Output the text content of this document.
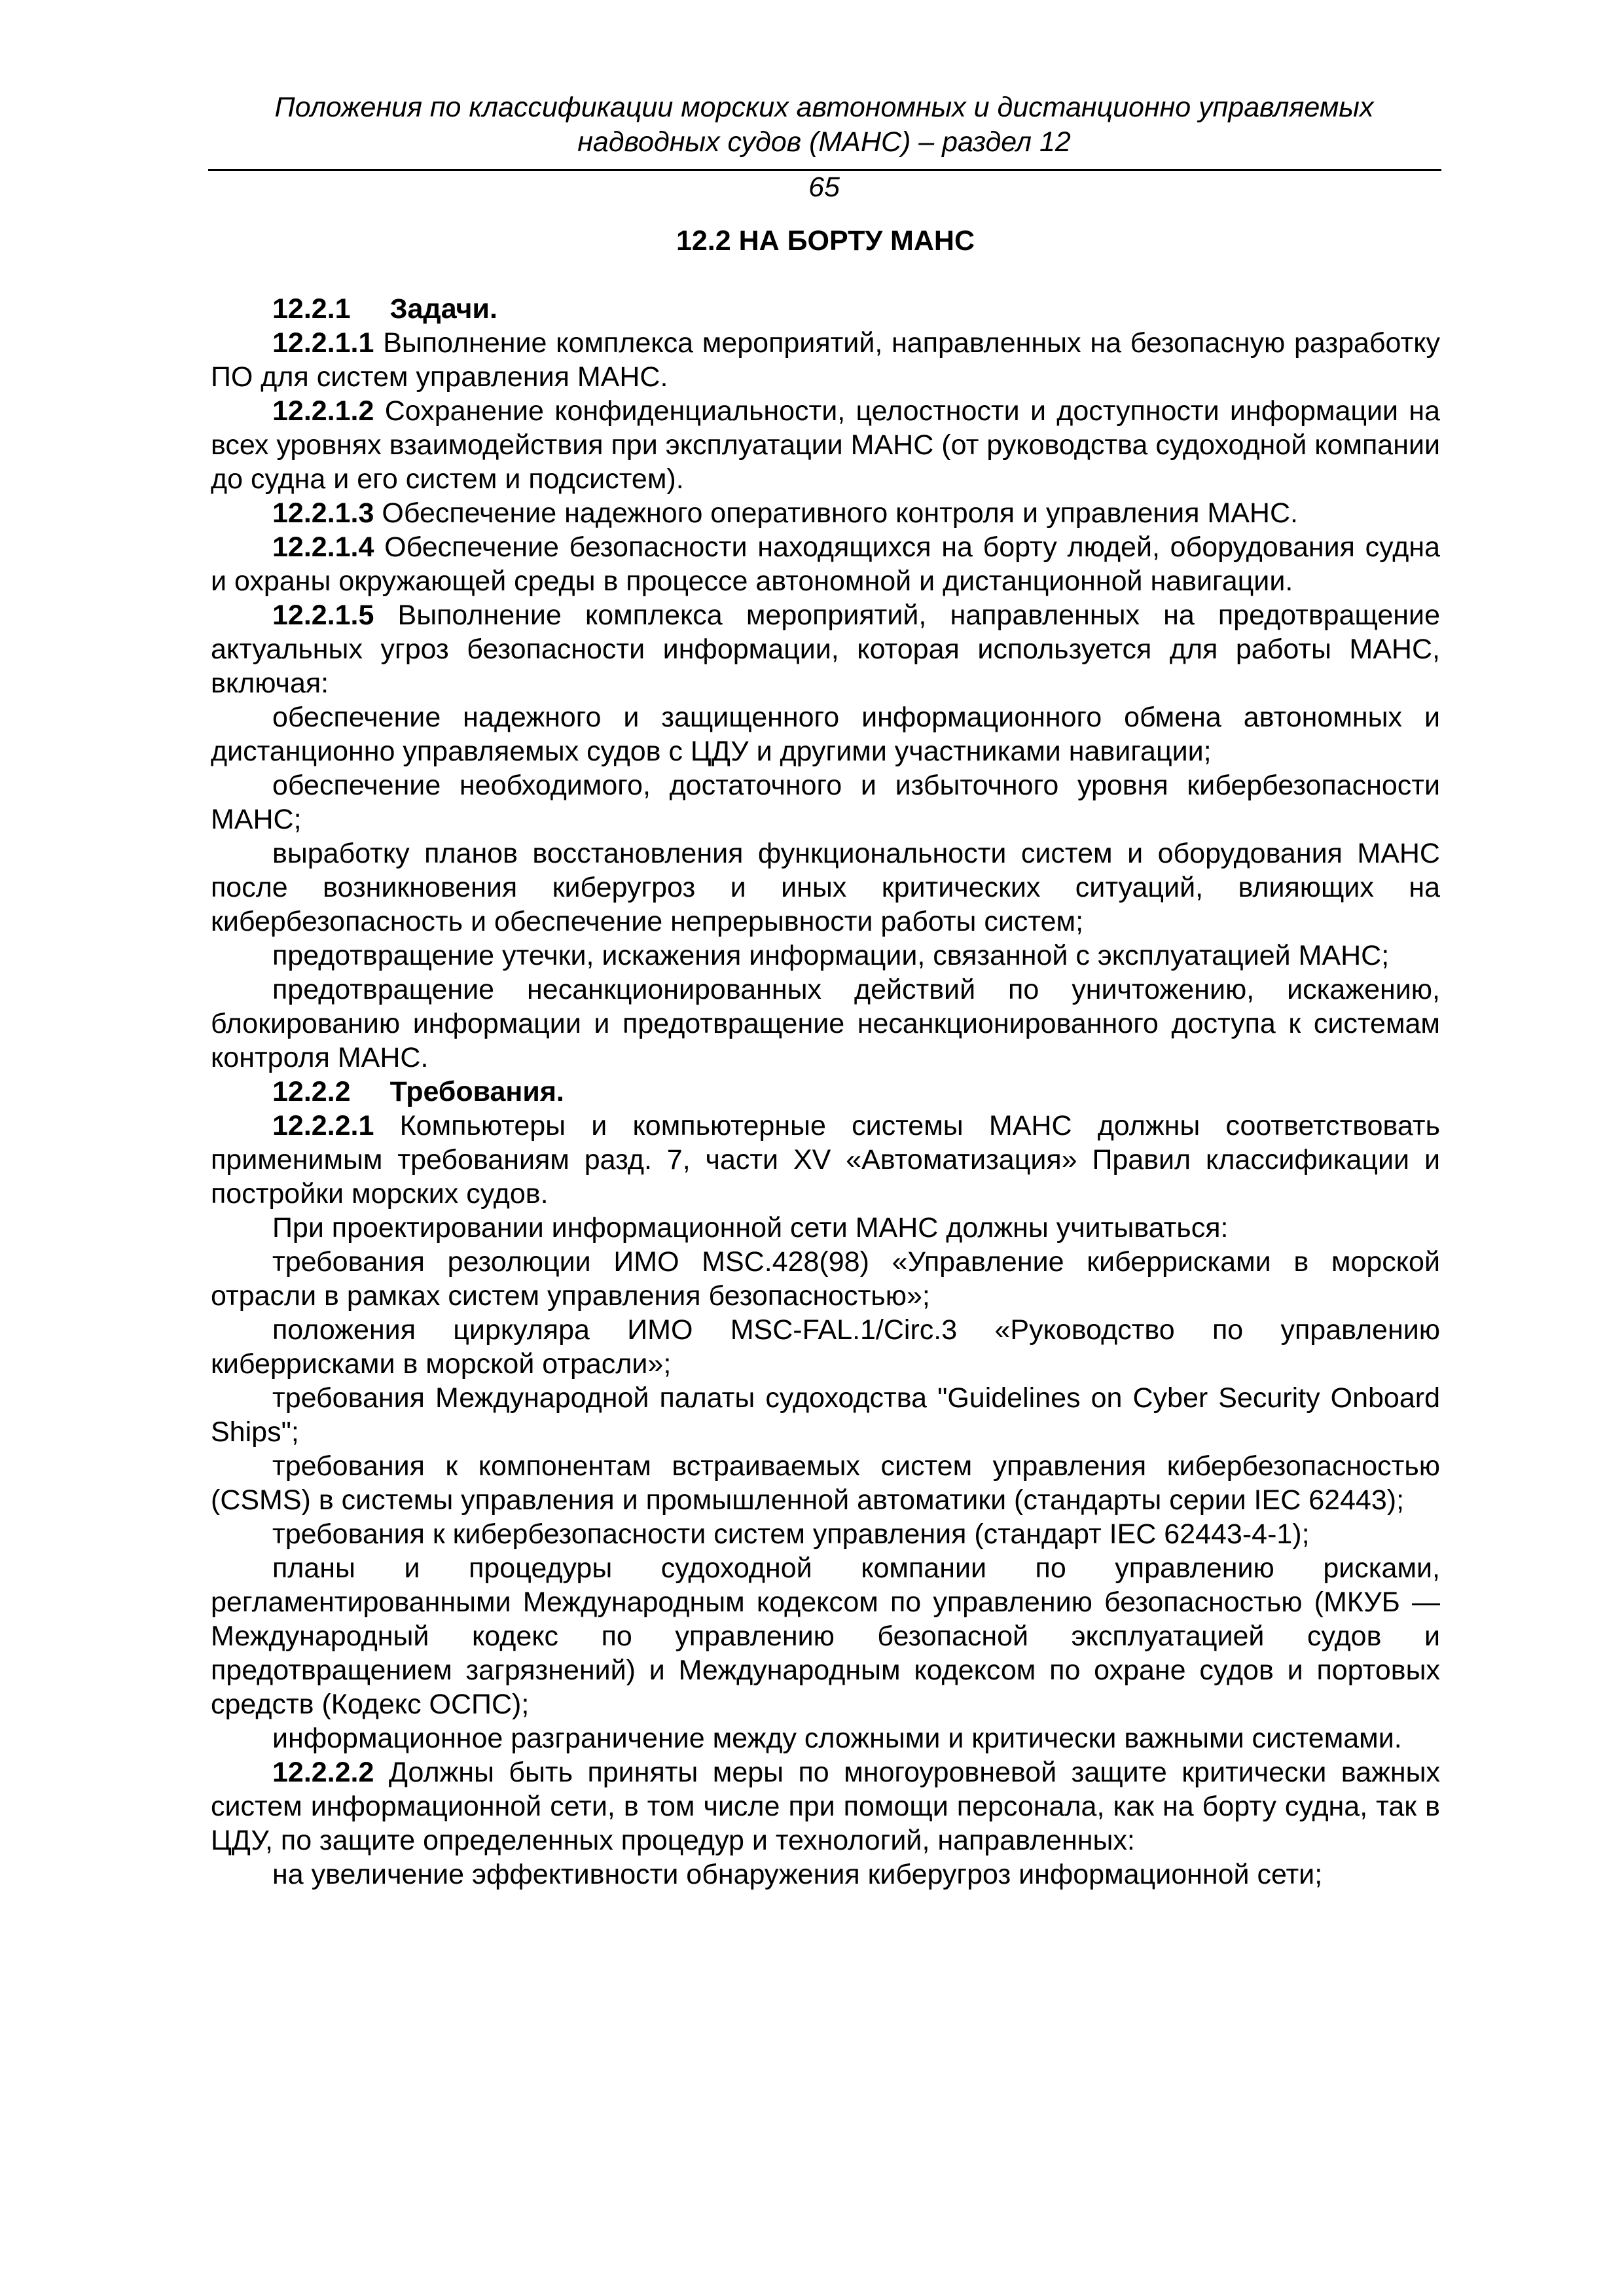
Положения по классификации морских автономных и дистанционно управляемых
надводных судов (МАНС) – раздел 12
65
12.2 НА БОРТУ МАНС
12.2.1 Задачи.

12.2.1.1 Выполнение комплекса мероприятий, направленных на безопасную разработку ПО для систем управления МАНС.

12.2.1.2 Сохранение конфиденциальности, целостности и доступности информации на всех уровнях взаимодействия при эксплуатации МАНС (от руководства судоходной компании до судна и его систем и подсистем).

12.2.1.3 Обеспечение надежного оперативного контроля и управления МАНС.

12.2.1.4 Обеспечение безопасности находящихся на борту людей, оборудования судна и охраны окружающей среды в процессе автономной и дистанционной навигации.

12.2.1.5 Выполнение комплекса мероприятий, направленных на предотвращение актуальных угроз безопасности информации, которая используется для работы МАНС, включая:

обеспечение надежного и защищенного информационного обмена автономных и дистанционно управляемых судов с ЦДУ и другими участниками навигации;

обеспечение необходимого, достаточного и избыточного уровня кибербезопасности МАНС;

выработку планов восстановления функциональности систем и оборудования МАНС после возникновения киберугроз и иных критических ситуаций, влияющих на кибербезопасность и обеспечение непрерывности работы систем;

предотвращение утечки, искажения информации, связанной с эксплуатацией МАНС;

предотвращение несанкционированных действий по уничтожению, искажению, блокированию информации и предотвращение несанкционированного доступа к системам контроля МАНС.

12.2.2 Требования.

12.2.2.1 Компьютеры и компьютерные системы МАНС должны соответствовать применимым требованиям разд. 7, части XV «Автоматизация» Правил классификации и постройки морских судов.

При проектировании информационной сети МАНС должны учитываться:

требования резолюции ИМО MSC.428(98) «Управление киберрисками в морской отрасли в рамках систем управления безопасностью»;

положения циркуляра ИМО MSC-FAL.1/Circ.3 «Руководство по управлению киберрисками в морской отрасли»;

требования Международной палаты судоходства "Guidelines on Cyber Security Onboard Ships";

требования к компонентам встраиваемых систем управления кибербезопасностью (CSMS) в системы управления и промышленной автоматики (стандарты серии IEC 62443);

требования к кибербезопасности систем управления (стандарт IEC 62443-4-1);

планы и процедуры судоходной компании по управлению рисками, регламентированными Международным кодексом по управлению безопасностью (МКУБ — Международный кодекс по управлению безопасной эксплуатацией судов и предотвращением загрязнений) и Международным кодексом по охране судов и портовых средств (Кодекс ОСПС);

информационное разграничение между сложными и критически важными системами.

12.2.2.2 Должны быть приняты меры по многоуровневой защите критически важных систем информационной сети, в том числе при помощи персонала, как на борту судна, так в ЦДУ, по защите определенных процедур и технологий, направленных:

на увеличение эффективности обнаружения киберугроз информационной сети;
